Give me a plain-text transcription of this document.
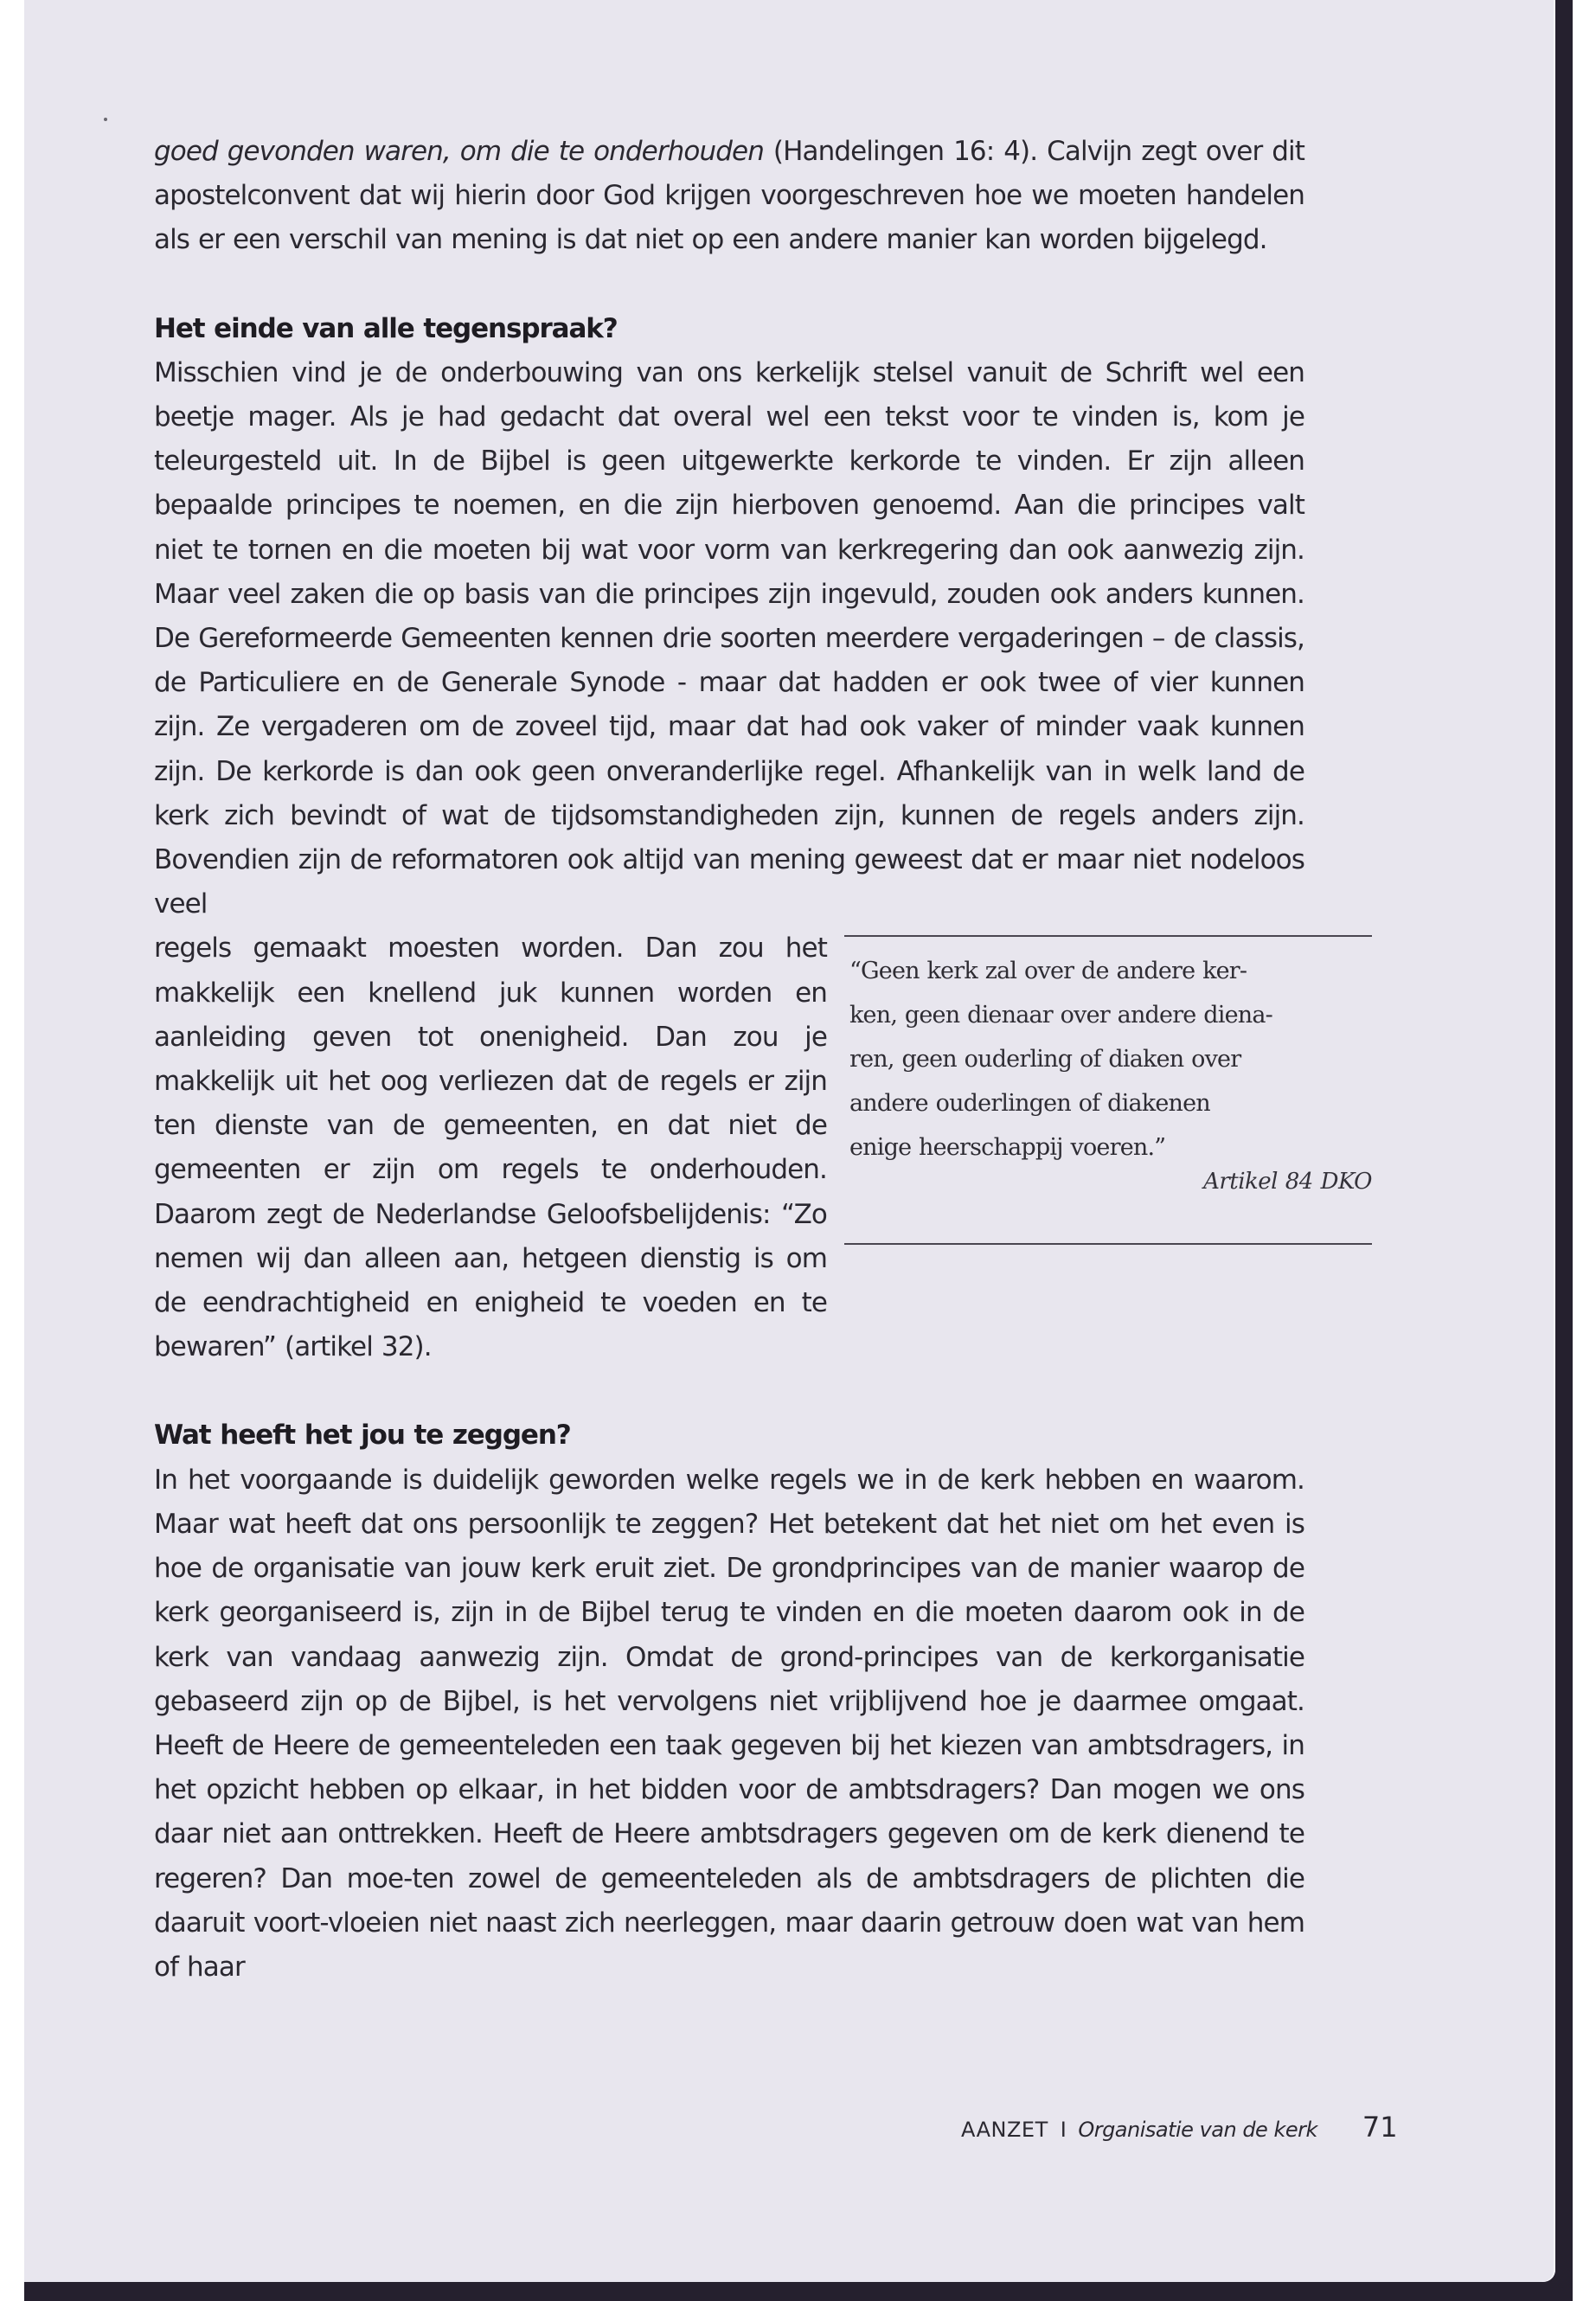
goed gevonden waren, om die te onderhouden (Handelingen 16: 4). Calvijn zegt over dit apostelconvent dat wij hierin door God krijgen voorgeschreven hoe we moeten handelen als er een verschil van mening is dat niet op een andere manier kan worden bijgelegd.

Het einde van alle tegenspraak?

Misschien vind je de onderbouwing van ons kerkelijk stelsel vanuit de Schrift wel een beetje mager. Als je had gedacht dat overal wel een tekst voor te vinden is, kom je teleurgesteld uit. In de Bijbel is geen uitgewerkte kerkorde te vinden. Er zijn alleen bepaalde principes te noemen, en die zijn hierboven genoemd. Aan die principes valt niet te tornen en die moeten bij wat voor vorm van kerkregering dan ook aanwezig zijn. Maar veel zaken die op basis van die principes zijn ingevuld, zouden ook anders kunnen. De Gereformeerde Gemeenten kennen drie soorten meerdere vergaderingen – de classis, de Particuliere en de Generale Synode - maar dat hadden er ook twee of vier kunnen zijn. Ze vergaderen om de zoveel tijd, maar dat had ook vaker of minder vaak kunnen zijn. De kerkorde is dan ook geen onveranderlijke regel. Afhankelijk van in welk land de kerk zich bevindt of wat de tijdsomstandigheden zijn, kunnen de regels anders zijn. Bovendien zijn de reformatoren ook altijd van mening geweest dat er maar niet nodeloos veel

regels gemaakt moesten worden. Dan zou het makkelijk een knellend juk kunnen worden en aanleiding geven tot onenigheid. Dan zou je makkelijk uit het oog verliezen dat de regels er zijn ten dienste van de gemeenten, en dat niet de gemeenten er zijn om regels te onderhouden. Daarom zegt de Nederlandse Geloofsbelijdenis: “Zo nemen wij dan alleen aan, hetgeen dienstig is om de eendrachtigheid en enigheid te voeden en te bewaren” (artikel 32).

“Geen kerk zal over de andere ker-
ken, geen dienaar over andere diena-
ren, geen ouderling of diaken over
andere ouderlingen of diakenen
enige heerschappij voeren.”
Artikel 84 DKO
Wat heeft het jou te zeggen?

In het voorgaande is duidelijk geworden welke regels we in de kerk hebben en waarom. Maar wat heeft dat ons persoonlijk te zeggen? Het betekent dat het niet om het even is hoe de organisatie van jouw kerk eruit ziet. De grondprincipes van de manier waarop de kerk georganiseerd is, zijn in de Bijbel terug te vinden en die moeten daarom ook in de kerk van vandaag aanwezig zijn. Omdat de grond-principes van de kerkorganisatie gebaseerd zijn op de Bijbel, is het vervolgens niet vrijblijvend hoe je daarmee omgaat. Heeft de Heere de gemeenteleden een taak gegeven bij het kiezen van ambtsdragers, in het opzicht hebben op elkaar, in het bidden voor de ambtsdragers? Dan mogen we ons daar niet aan onttrekken. Heeft de Heere ambtsdragers gegeven om de kerk dienend te regeren? Dan moe-ten zowel de gemeenteleden als de ambtsdragers de plichten die daaruit voort-vloeien niet naast zich neerleggen, maar daarin getrouw doen wat van hem of haar

AANZET I Organisatie van de kerk 71
